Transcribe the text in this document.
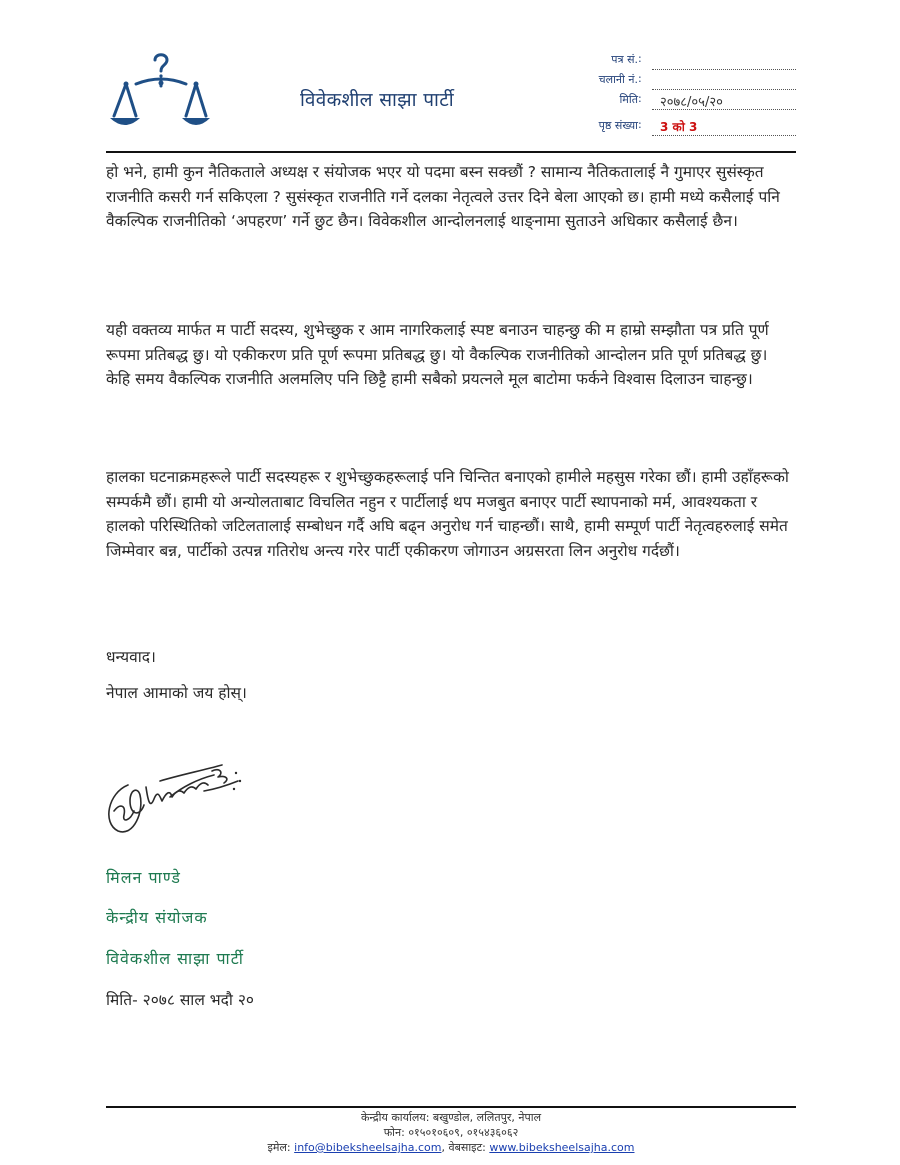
विवेकशील साझा पार्टी
पत्र सं. :
चलानी नं. :
मिति :	२०७८/०५/२०
पृष्ठ संख्या :	3 को 3
हो भने, हामी कुन नैतिकताले अध्यक्ष र संयोजक भएर यो पदमा बस्न सक्छौं ? सामान्य नैतिकतालाई नै गुमाएर सुसंस्कृत राजनीति कसरी गर्न सकिएला ? सुसंस्कृत राजनीति गर्ने दलका नेतृत्वले उत्तर दिने बेला आएको छ। हामी मध्ये कसैलाई पनि वैकल्पिक राजनीतिको ‘अपहरण’ गर्ने छुट छैन। विवेकशील आन्दोलनलाई थाङ्नामा सुताउने अधिकार कसैलाई छैन।
यही वक्तव्य मार्फत म पार्टी सदस्य, शुभेच्छुक र आम नागरिकलाई स्पष्ट बनाउन चाहन्छु की म हाम्रो सम्झौता पत्र प्रति पूर्ण रूपमा प्रतिबद्ध छु। यो एकीकरण प्रति पूर्ण रूपमा प्रतिबद्ध छु। यो वैकल्पिक राजनीतिको आन्दोलन प्रति पूर्ण प्रतिबद्ध छु। केहि समय वैकल्पिक राजनीति अलमलिए पनि छिट्टै हामी सबैको प्रयत्नले मूल बाटोमा फर्कने विश्वास दिलाउन चाहन्छु।
हालका घटनाक्रमहरूले पार्टी सदस्यहरू र शुभेच्छुकहरूलाई पनि चिन्तित बनाएको हामीले महसुस गरेका छौं। हामी उहाँहरूको सम्पर्कमै छौं। हामी यो अन्योलताबाट विचलित नहुन र पार्टीलाई थप मजबुत बनाएर पार्टी स्थापनाको मर्म, आवश्यकता र हालको परिस्थितिको जटिलतालाई सम्बोधन गर्दै अघि बढ्न अनुरोध गर्न चाहन्छौं। साथै, हामी सम्पूर्ण पार्टी नेतृत्वहरुलाई समेत जिम्मेवार बन्न, पार्टीको उत्पन्न गतिरोध अन्त्य गरेर पार्टी एकीकरण जोगाउन अग्रसरता लिन अनुरोध गर्दछौं।
धन्यवाद।
नेपाल आमाको जय होस्।
मिलन पाण्डे
केन्द्रीय संयोजक
विवेकशील साझा पार्टी
मिति- २०७८ साल भदौ २०
केन्द्रीय कार्यालय: बखुण्डोल, ललितपुर, नेपाल
फोन: ०१५०१०६०९, ०१५४३६०६२
इमेल: info@bibeksheelsajha.com, वेबसाइट: www.bibeksheelsajha.com
